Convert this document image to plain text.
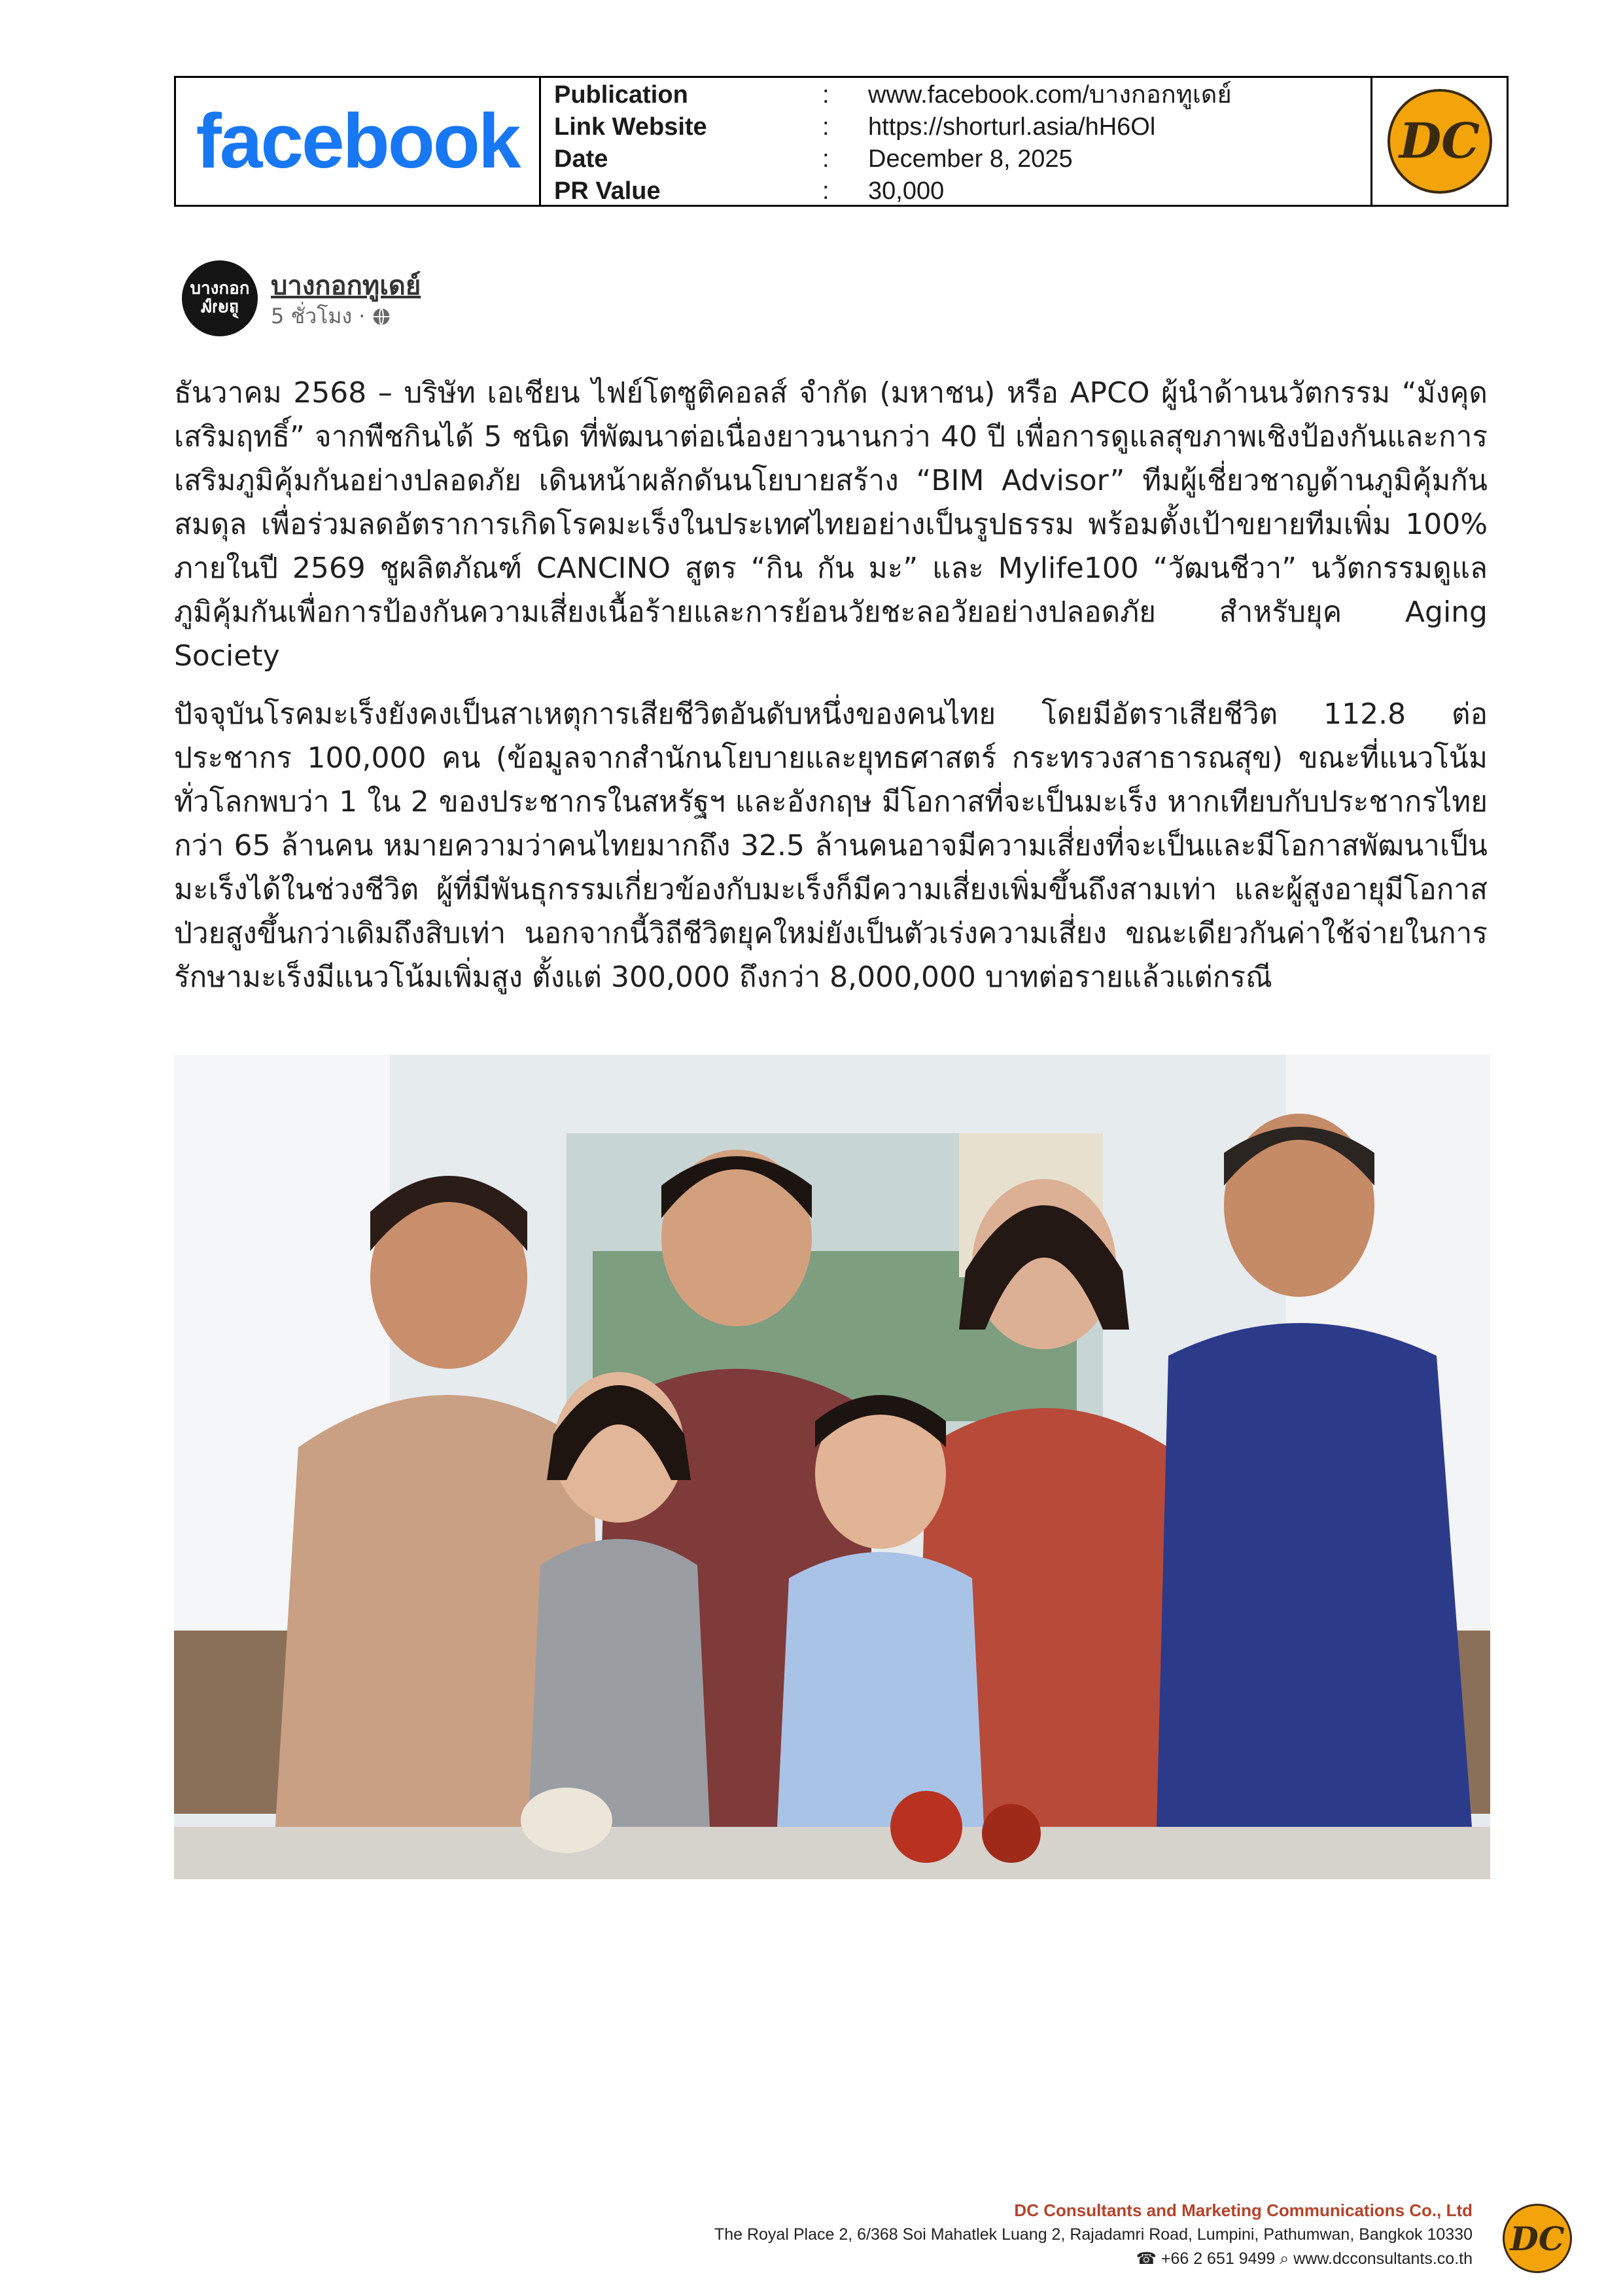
facebook
Publication	: www.facebook.com/บางกอกทูเดย์
Link Website	: https://shorturl.asia/hH6Ol
Date	: December 8, 2025
PR Value	: 30,000
DC
บางกอก
ทูเดย์
บางกอกทูเดย์
5 ชั่วโมง ·
ธันวาคม 2568 – บริษัท เอเชียน ไฟย์โตซูติคอลส์ จำกัด (มหาชน) หรือ APCO ผู้นำด้านนวัตกรรม “มังคุดเสริมฤทธิ์” จากพืชกินได้ 5 ชนิด ที่พัฒนาต่อเนื่องยาวนานกว่า 40 ปี เพื่อการดูแลสุขภาพเชิงป้องกันและการเสริมภูมิคุ้มกันอย่างปลอดภัย เดินหน้าผลักดันนโยบายสร้าง “BIM Advisor” ทีมผู้เชี่ยวชาญด้านภูมิคุ้มกันสมดุล เพื่อร่วมลดอัตราการเกิดโรคมะเร็งในประเทศไทยอย่างเป็นรูปธรรม พร้อมตั้งเป้าขยายทีมเพิ่ม 100% ภายในปี 2569 ชูผลิตภัณฑ์ CANCINO สูตร “กิน กัน มะ” และ Mylife100 “วัฒนชีวา” นวัตกรรมดูแลภูมิคุ้มกันเพื่อการป้องกันความเสี่ยงเนื้อร้ายและการย้อนวัยชะลอวัยอย่างปลอดภัย สำหรับยุค Aging Society
ปัจจุบันโรคมะเร็งยังคงเป็นสาเหตุการเสียชีวิตอันดับหนึ่งของคนไทย โดยมีอัตราเสียชีวิต 112.8 ต่อประชากร 100,000 คน (ข้อมูลจากสำนักนโยบายและยุทธศาสตร์ กระทรวงสาธารณสุข) ขณะที่แนวโน้มทั่วโลกพบว่า 1 ใน 2 ของประชากรในสหรัฐฯ และอังกฤษ มีโอกาสที่จะเป็นมะเร็ง หากเทียบกับประชากรไทยกว่า 65 ล้านคน หมายความว่าคนไทยมากถึง 32.5 ล้านคนอาจมีความเสี่ยงที่จะเป็นและมีโอกาสพัฒนาเป็นมะเร็งได้ในช่วงชีวิต ผู้ที่มีพันธุกรรมเกี่ยวข้องกับมะเร็งก็มีความเสี่ยงเพิ่มขึ้นถึงสามเท่า และผู้สูงอายุมีโอกาสป่วยสูงขึ้นกว่าเดิมถึงสิบเท่า นอกจากนี้วิถีชีวิตยุคใหม่ยังเป็นตัวเร่งความเสี่ยง ขณะเดียวกันค่าใช้จ่ายในการรักษามะเร็งมีแนวโน้มเพิ่มสูง ตั้งแต่ 300,000 ถึงกว่า 8,000,000 บาทต่อรายแล้วแต่กรณี
DC Consultants and Marketing Communications Co., Ltd
The Royal Place 2, 6/368 Soi Mahatlek Luang 2, Rajadamri Road, Lumpini, Pathumwan, Bangkok 10330
☎ +66 2 651 9499 ⌕ www.dcconsultants.co.th
DC
